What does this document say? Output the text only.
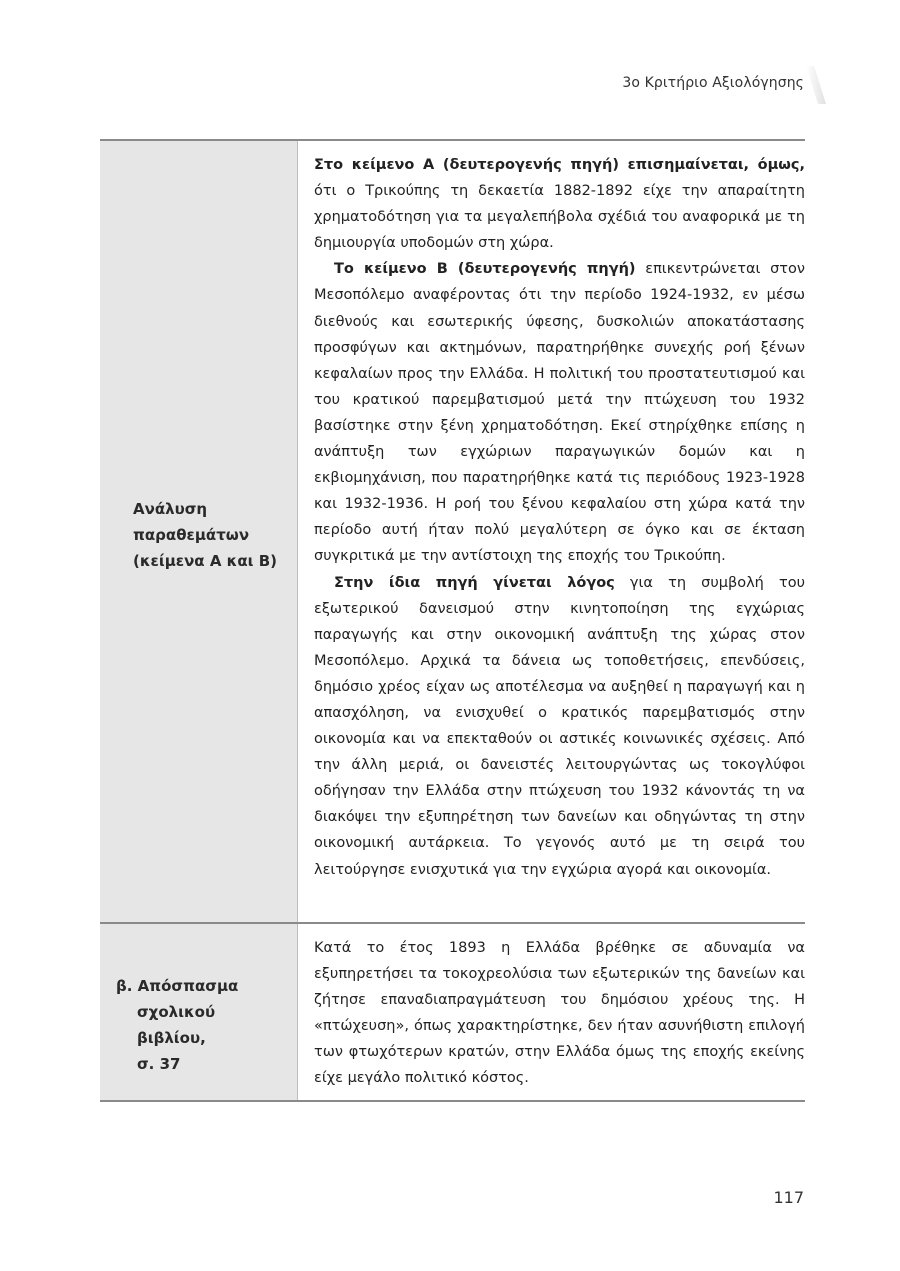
3ο Κριτήριο Αξιολόγησης
Ανάλυση
παραθεμάτων
(κείμενα Α και Β)

Στο κείμενο Α (δευτερογενής πηγή) επισημαίνεται, όμως, ότι ο Τρικούπης τη δεκαετία 1882-1892 είχε την απαραίτητη χρηματοδότηση για τα μεγαλεπήβολα σχέδιά του αναφορικά με τη δημιουργία υποδομών στη χώρα.

Το κείμενο Β (δευτερογενής πηγή) επικεντρώνεται στον Μεσοπόλεμο αναφέροντας ότι την περίοδο 1924-1932, εν μέσω διεθνούς και εσωτερικής ύφεσης, δυσκολιών αποκατάστασης προσφύγων και ακτημόνων, παρατηρήθηκε συνεχής ροή ξένων κεφαλαίων προς την Ελλάδα. Η πολιτική του προστατευτισμού και του κρατικού παρεμβατισμού μετά την πτώχευση του 1932 βασίστηκε στην ξένη χρηματοδότηση. Εκεί στηρίχθηκε επίσης η ανάπτυξη των εγχώριων παραγωγικών δομών και η εκβιομηχάνιση, που παρατηρήθηκε κατά τις περιόδους 1923-1928 και 1932-1936. Η ροή του ξένου κεφαλαίου στη χώρα κατά την περίοδο αυτή ήταν πολύ μεγαλύτερη σε όγκο και σε έκταση συγκριτικά με την αντίστοιχη της εποχής του Τρικούπη.

Στην ίδια πηγή γίνεται λόγος για τη συμβολή του εξωτερικού δανεισμού στην κινητοποίηση της εγχώριας παραγωγής και στην οικονομική ανάπτυξη της χώρας στον Μεσοπόλεμο. Αρχικά τα δάνεια ως τοποθετήσεις, επενδύσεις, δημόσιο χρέος είχαν ως αποτέλεσμα να αυξηθεί η παραγωγή και η απασχόληση, να ενισχυθεί ο κρατικός παρεμβατισμός στην οικονομία και να επεκταθούν οι αστικές κοινωνικές σχέσεις. Από την άλλη μεριά, οι δανειστές λειτουργώντας ως τοκογλύφοι οδήγησαν την Ελλάδα στην πτώχευση του 1932 κάνοντάς τη να διακόψει την εξυπηρέτηση των δανείων και οδηγώντας τη στην οικονομική αυτάρκεια. Το γεγονός αυτό με τη σειρά του λειτούργησε ενισχυτικά για την εγχώρια αγορά και οικονομία.

β. Απόσπασμα
σχολικού βιβλίου,
σ. 37

Κατά το έτος 1893 η Ελλάδα βρέθηκε σε αδυναμία να εξυπηρετήσει τα τοκοχρεολύσια των εξωτερικών της δανείων και ζήτησε επαναδιαπραγμάτευση του δημόσιου χρέους της. Η «πτώχευση», όπως χαρακτηρίστηκε, δεν ήταν ασυνήθιστη επιλογή των φτωχότερων κρατών, στην Ελλάδα όμως της εποχής εκείνης είχε μεγάλο πολιτικό κόστος.

117
